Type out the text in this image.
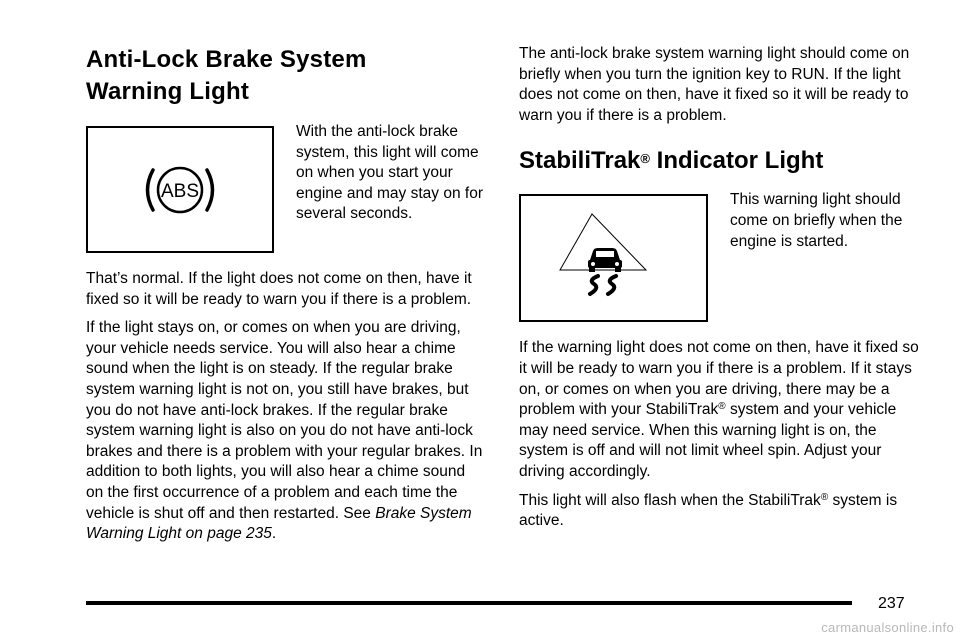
Anti-Lock Brake System
Warning Light
ABS

With the anti-lock brake system, this light will come on when you start your engine and may stay on for several seconds.

That’s normal. If the light does not come on then, have it fixed so it will be ready to warn you if there is a problem.

If the light stays on, or comes on when you are driving, your vehicle needs service. You will also hear a chime sound when the light is on steady. If the regular brake system warning light is not on, you still have brakes, but you do not have anti-lock brakes. If the regular brake system warning light is also on you do not have anti-lock brakes and there is a problem with your regular brakes. In addition to both lights, you will also hear a chime sound on the first occurrence of a problem and each time the vehicle is shut off and then restarted. See Brake System Warning Light on page 235.

The anti-lock brake system warning light should come on briefly when you turn the ignition key to RUN. If the light does not come on then, have it fixed so it will be ready to warn you if there is a problem.

StabiliTrak® Indicator Light

This warning light should come on briefly when the engine is started.

If the warning light does not come on then, have it fixed so it will be ready to warn you if there is a problem. If it stays on, or comes on when you are driving, there may be a problem with your StabiliTrak® system and your vehicle may need service. When this warning light is on, the system is off and will not limit wheel spin. Adjust your driving accordingly.

This light will also flash when the StabiliTrak® system is active.

237
carmanualsonline.info
